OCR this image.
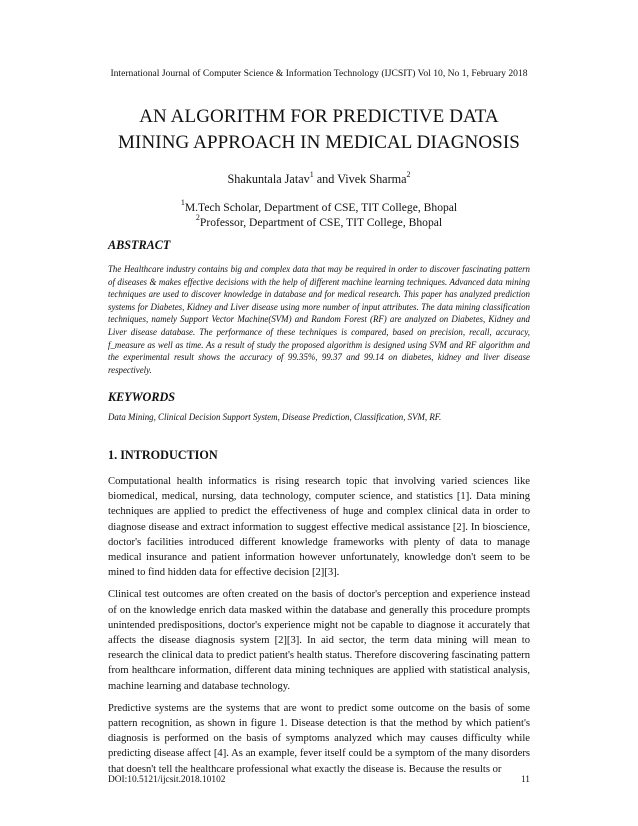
International Journal of Computer Science & Information Technology (IJCSIT) Vol 10, No 1, February 2018
AN ALGORITHM FOR PREDICTIVE DATA
MINING APPROACH IN MEDICAL DIAGNOSIS
Shakuntala Jatav$^1$ and Vivek Sharma$^2$
$^1$M.Tech Scholar, Department of CSE, TIT College, Bhopal
$^2$Professor, Department of CSE, TIT College, Bhopal
ABSTRACT
The Healthcare industry contains big and complex data that may be required in order to discover fascinating pattern of diseases & makes effective decisions with the help of different machine learning techniques. Advanced data mining techniques are used to discover knowledge in database and for medical research. This paper has analyzed prediction systems for Diabetes, Kidney and Liver disease using more number of input attributes. The data mining classification techniques, namely Support Vector Machine(SVM) and Random Forest (RF) are analyzed on Diabetes, Kidney and Liver disease database. The performance of these techniques is compared, based on precision, recall, accuracy, f_measure as well as time. As a result of study the proposed algorithm is designed using SVM and RF algorithm and the experimental result shows the accuracy of 99.35%, 99.37 and 99.14 on diabetes, kidney and liver disease respectively.
KEYWORDS
Data Mining, Clinical Decision Support System, Disease Prediction, Classification, SVM, RF.
1. INTRODUCTION
Computational health informatics is rising research topic that involving varied sciences like biomedical, medical, nursing, data technology, computer science, and statistics [1]. Data mining techniques are applied to predict the effectiveness of huge and complex clinical data in order to diagnose disease and extract information to suggest effective medical assistance [2]. In bioscience, doctor's facilities introduced different knowledge frameworks with plenty of data to manage medical insurance and patient information however unfortunately, knowledge don't seem to be mined to find hidden data for effective decision [2][3].
Clinical test outcomes are often created on the basis of doctor's perception and experience instead of on the knowledge enrich data masked within the database and generally this procedure prompts unintended predispositions, doctor's experience might not be capable to diagnose it accurately that affects the disease diagnosis system [2][3]. In aid sector, the term data mining will mean to research the clinical data to predict patient's health status. Therefore discovering fascinating pattern from healthcare information, different data mining techniques are applied with statistical analysis, machine learning and database technology.
Predictive systems are the systems that are wont to predict some outcome on the basis of some pattern recognition, as shown in figure 1. Disease detection is that the method by which patient's diagnosis is performed on the basis of symptoms analyzed which may causes difficulty while predicting disease affect [4]. As an example, fever itself could be a symptom of the many disorders that doesn't tell the healthcare professional what exactly the disease is. Because the results or
DOI:10.5121/ijcsit.2018.10102	11
